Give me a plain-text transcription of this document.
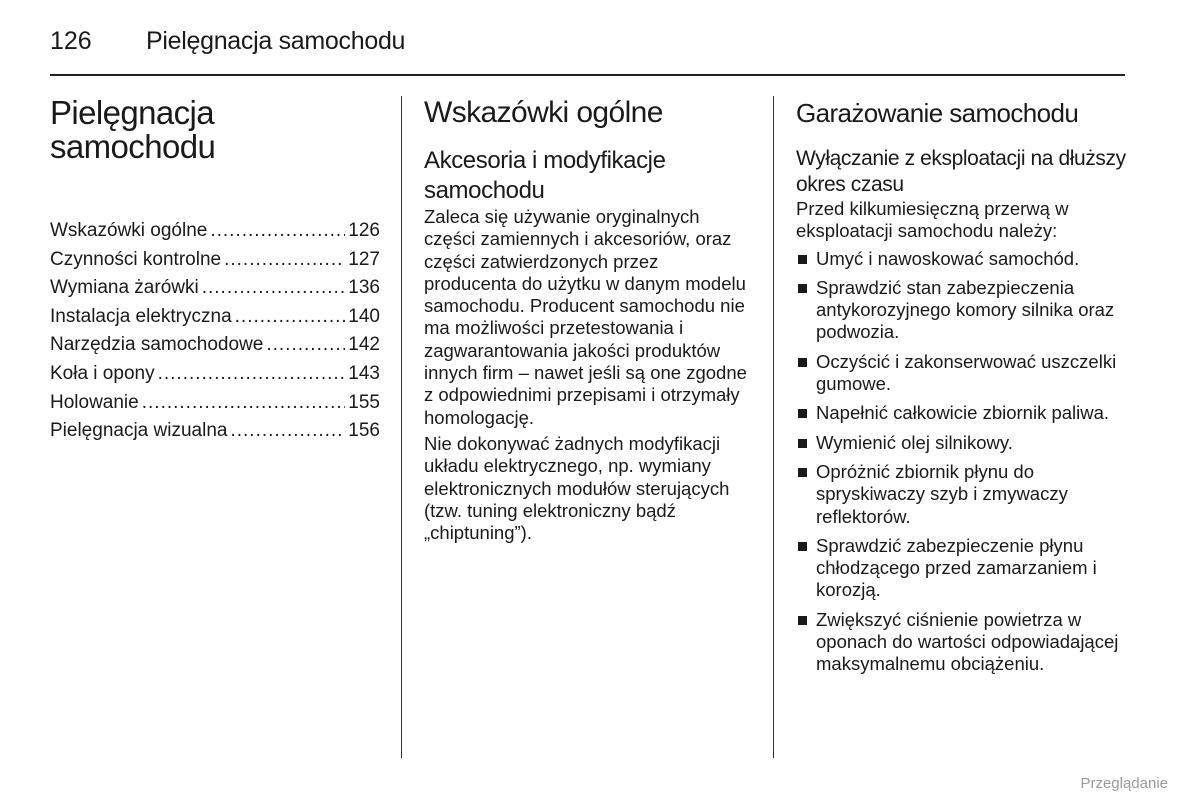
126 Pielęgnacja samochodu
Pielęgnacja samochodu
Wskazówki ogólne .....	126
Czynności kontrolne .....	127
Wymiana żarówki .....	136
Instalacja elektryczna .....	140
Narzędzia samochodowe .....	142
Koła i opony .....	143
Holowanie .....	155
Pielęgnacja wizualna .....	156
Wskazówki ogólne
Akcesoria i modyfikacje samochodu

Zaleca się używanie oryginalnych części zamiennych i akcesoriów, oraz części zatwierdzonych przez producenta do użytku w danym modelu samochodu. Producent samochodu nie ma możliwości przetestowania i zagwarantowania jakości produktów innych firm – nawet jeśli są one zgodne z odpowiednimi przepisami i otrzymały homologację.

Nie dokonywać żadnych modyfikacji układu elektrycznego, np. wymiany elektronicznych modułów sterujących (tzw. tuning elektroniczny bądź „chiptuning”).

Garażowanie samochodu
Wyłączanie z eksploatacji na dłuższy okres czasu

Przed kilkumiesięczną przerwą w eksploatacji samochodu należy:

Umyć i nawoskować samochód.
Sprawdzić stan zabezpieczenia antykorozyjnego komory silnika oraz podwozia.
Oczyścić i zakonserwować uszczelki gumowe.
Napełnić całkowicie zbiornik paliwa.
Wymienić olej silnikowy.
Opróżnić zbiornik płynu do spryskiwaczy szyb i zmywaczy reflektorów.
Sprawdzić zabezpieczenie płynu chłodzącego przed zamarzaniem i korozją.
Zwiększyć ciśnienie powietrza w oponach do wartości odpowiadającej maksymalnemu obciążeniu.
Przeglądanie
